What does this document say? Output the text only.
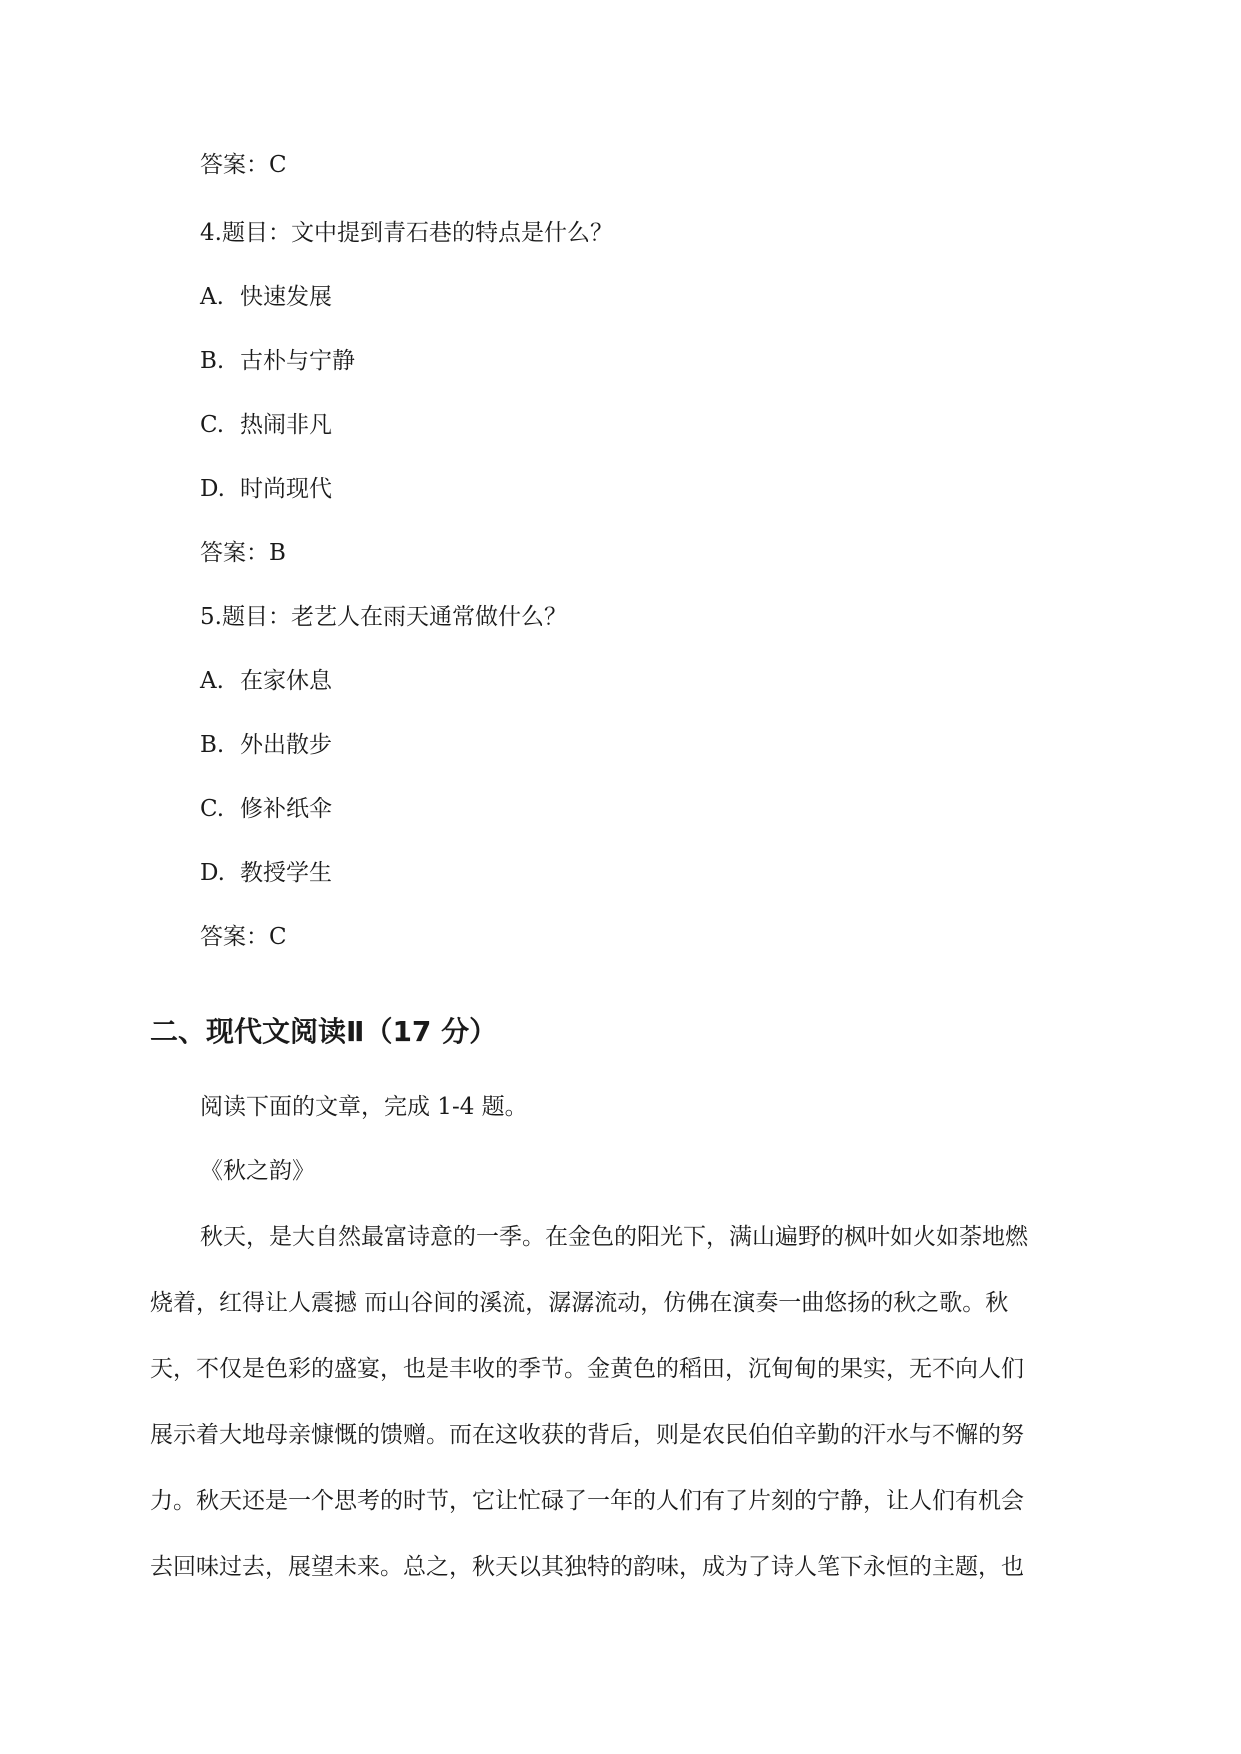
答案：C
4.题目：文中提到青石巷的特点是什么？
A. 快速发展
B. 古朴与宁静
C. 热闹非凡
D. 时尚现代
答案：B
5.题目：老艺人在雨天通常做什么？
A. 在家休息
B. 外出散步
C. 修补纸伞
D. 教授学生
答案：C
二、现代文阅读Ⅱ（17 分）
阅读下面的文章，完成 1-4 题。
《秋之韵》
秋天，是大自然最富诗意的一季。在金色的阳光下，满山遍野的枫叶如火如荼地燃
烧着，红得让人震撼 而山谷间的溪流，潺潺流动，仿佛在演奏一曲悠扬的秋之歌。秋
天，不仅是色彩的盛宴，也是丰收的季节。金黄色的稻田，沉甸甸的果实，无不向人们
展示着大地母亲慷慨的馈赠。而在这收获的背后，则是农民伯伯辛勤的汗水与不懈的努
力。秋天还是一个思考的时节，它让忙碌了一年的人们有了片刻的宁静，让人们有机会
去回味过去，展望未来。总之，秋天以其独特的韵味，成为了诗人笔下永恒的主题，也
